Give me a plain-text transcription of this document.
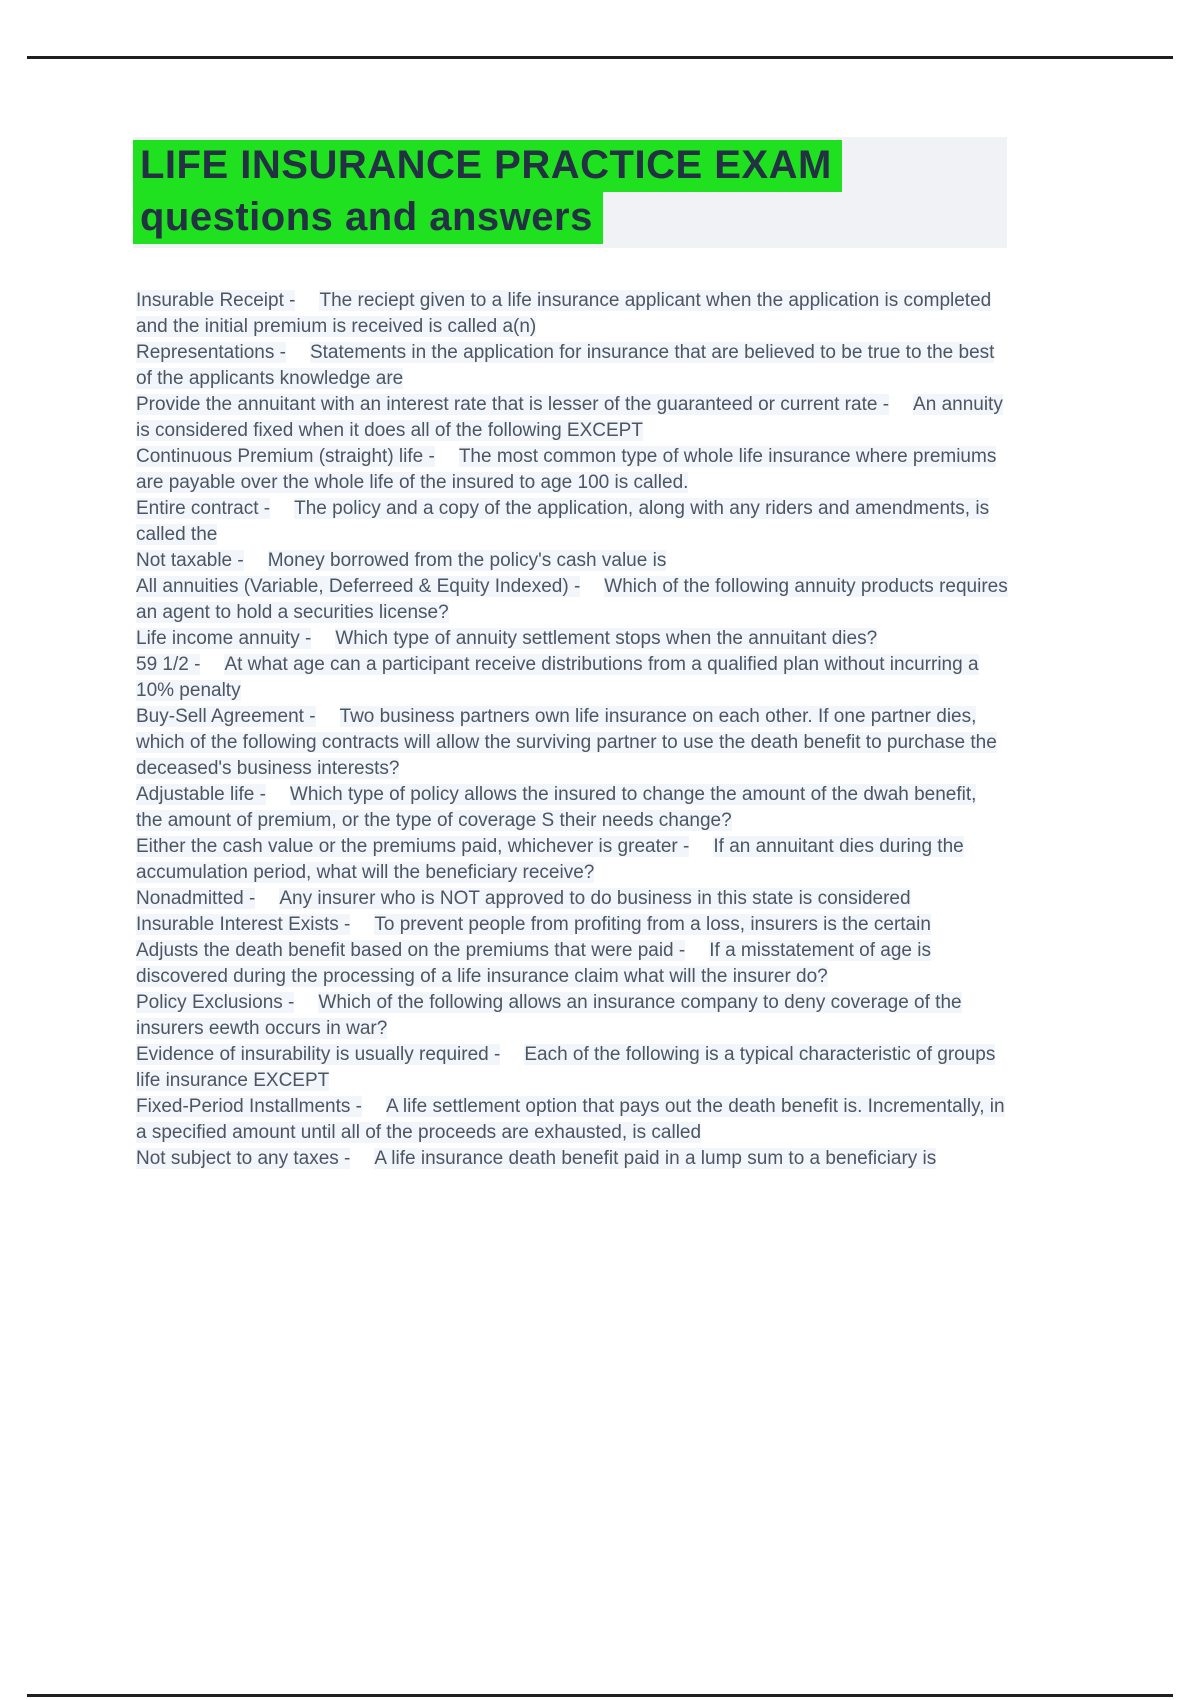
LIFE INSURANCE PRACTICE EXAM
questions and answers

Insurable Receipt - The reciept given to a life insurance applicant when the application is completed and the initial premium is received is called a(n)

Representations - Statements in the application for insurance that are believed to be true to the best of the applicants knowledge are

Provide the annuitant with an interest rate that is lesser of the guaranteed or current rate - An annuity is considered fixed when it does all of the following EXCEPT

Continuous Premium (straight) life - The most common type of whole life insurance where premiums are payable over the whole life of the insured to age 100 is called.

Entire contract - The policy and a copy of the application, along with any riders and amendments, is called the

Not taxable - Money borrowed from the policy's cash value is

All annuities (Variable, Deferreed & Equity Indexed) - Which of the following annuity products requires an agent to hold a securities license?

Life income annuity - Which type of annuity settlement stops when the annuitant dies?

59 1/2 - At what age can a participant receive distributions from a qualified plan without incurring a 10% penalty

Buy-Sell Agreement - Two business partners own life insurance on each other. If one partner dies, which of the following contracts will allow the surviving partner to use the death benefit to purchase the deceased's business interests?

Adjustable life - Which type of policy allows the insured to change the amount of the dwah benefit, the amount of premium, or the type of coverage S their needs change?

Either the cash value or the premiums paid, whichever is greater - If an annuitant dies during the accumulation period, what will the beneficiary receive?

Nonadmitted - Any insurer who is NOT approved to do business in this state is considered

Insurable Interest Exists - To prevent people from profiting from a loss, insurers is the certain

Adjusts the death benefit based on the premiums that were paid - If a misstatement of age is discovered during the processing of a life insurance claim what will the insurer do?

Policy Exclusions - Which of the following allows an insurance company to deny coverage of the insurers eewth occurs in war?

Evidence of insurability is usually required - Each of the following is a typical characteristic of groups life insurance EXCEPT

Fixed-Period Installments - A life settlement option that pays out the death benefit is. Incrementally, in a specified amount until all of the proceeds are exhausted, is called

Not subject to any taxes - A life insurance death benefit paid in a lump sum to a beneficiary is
